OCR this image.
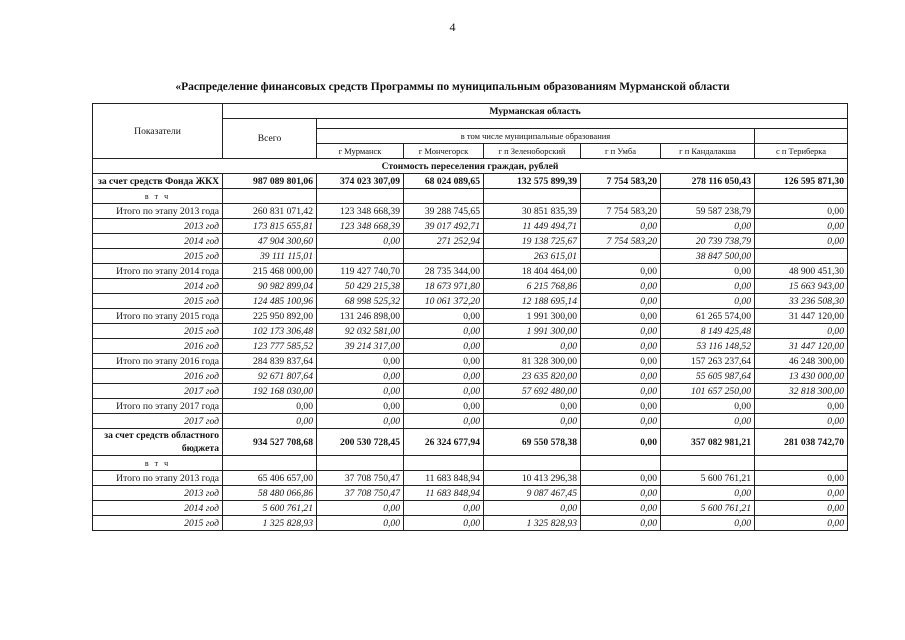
4
«Распределение финансовых средств Программы по муниципальным образованиям Мурманской области
Показатели	Мурманская область						
	Всего						
		в том числе муниципальные образования					
		г Мурманск	г Мончегорск	г п Зеленоборский	г п Умба	г п Кандалакша	с п Териберка
Стоимость переселения граждан, рублей							
за счет средств Фонда ЖКХ	987 089 801,06	374 023 307,09	68 024 089,65	132 575 899,39	7 754 583,20	278 116 050,43	126 595 871,30
в т ч							
Итого по этапу 2013 года	260 831 071,42	123 348 668,39	39 288 745,65	30 851 835,39	7 754 583,20	59 587 238,79	0,00
2013 год	173 815 655,81	123 348 668,39	39 017 492,71	11 449 494,71	0,00	0,00	0,00
2014 год	47 904 300,60	0,00	271 252,94	19 138 725,67	7 754 583,20	20 739 738,79	0,00
2015 год	39 111 115,01			263 615,01		38 847 500,00	
Итого по этапу 2014 года	215 468 000,00	119 427 740,70	28 735 344,00	18 404 464,00	0,00	0,00	48 900 451,30
2014 год	90 982 899,04	50 429 215,38	18 673 971,80	6 215 768,86	0,00	0,00	15 663 943,00
2015 год	124 485 100,96	68 998 525,32	10 061 372,20	12 188 695,14	0,00	0,00	33 236 508,30
Итого по этапу 2015 года	225 950 892,00	131 246 898,00	0,00	1 991 300,00	0,00	61 265 574,00	31 447 120,00
2015 год	102 173 306,48	92 032 581,00	0,00	1 991 300,00	0,00	8 149 425,48	0,00
2016 год	123 777 585,52	39 214 317,00	0,00	0,00	0,00	53 116 148,52	31 447 120,00
Итого по этапу 2016 года	284 839 837,64	0,00	0,00	81 328 300,00	0,00	157 263 237,64	46 248 300,00
2016 год	92 671 807,64	0,00	0,00	23 635 820,00	0,00	55 605 987,64	13 430 000,00
2017 год	192 168 030,00	0,00	0,00	57 692 480,00	0,00	101 657 250,00	32 818 300,00
Итого по этапу 2017 года	0,00	0,00	0,00	0,00	0,00	0,00	0,00
2017 год	0,00	0,00	0,00	0,00	0,00	0,00	0,00
за счет средств областного бюджета	934 527 708,68	200 530 728,45	26 324 677,94	69 550 578,38	0,00	357 082 981,21	281 038 742,70
в т ч							
Итого по этапу 2013 года	65 406 657,00	37 708 750,47	11 683 848,94	10 413 296,38	0,00	5 600 761,21	0,00
2013 год	58 480 066,86	37 708 750,47	11 683 848,94	9 087 467,45	0,00	0,00	0,00
2014 год	5 600 761,21	0,00	0,00	0,00	0,00	5 600 761,21	0,00
2015 год	1 325 828,93	0,00	0,00	1 325 828,93	0,00	0,00	0,00
